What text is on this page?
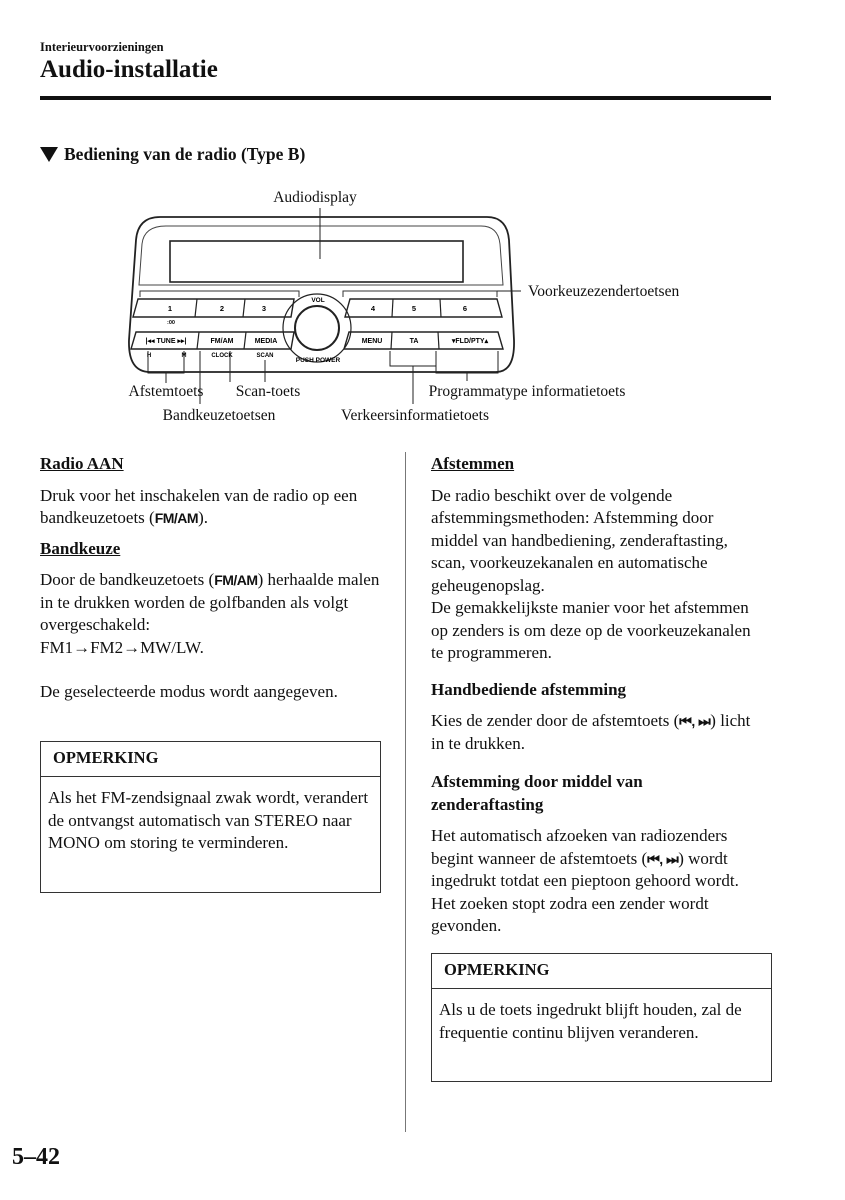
Interieurvoorzieningen
Audio-installatie
Bediening van de radio (Type B)
1	2	3
:00
4	5	6
VOL
PUSH POWER
|◂◂ TUNE ▸▸|	FM/AM	MEDIA
H	M	CLOCK	SCAN
MENU	TA	▾FLD/PTY▴
Audiodisplay
Voorkeuzezendertoetsen
Afstemtoets Scan-toets
Bandkeuzetoetsen	Verkeersinformatietoets
Programmatype informatietoets
Radio AAN

Druk voor het inschakelen van de radio op een bandkeuzetoets (FM/AM).

Bandkeuze

Door de bandkeuzetoets (FM/AM) herhaalde malen in te drukken worden de golfbanden als volgt overgeschakeld:

FM1→FM2→MW/LW.

De geselecteerde modus wordt aangegeven.

OPMERKING
Als het FM-zendsignaal zwak wordt, verandert de ontvangst automatisch van STEREO naar MONO om storing te verminderen.
Afstemmen

De radio beschikt over de volgende afstemmingsmethoden: Afstemming door middel van handbediening, zenderaftasting, scan, voorkeuzekanalen en automatische geheugenopslag.

De gemakkelijkste manier voor het afstemmen op zenders is om deze op de voorkeuzekanalen te programmeren.

Handbediende afstemming

Kies de zender door de afstemtoets (⏮, ⏭) licht in te drukken.

Afstemming door middel van zenderaftasting

Het automatisch afzoeken van radiozenders begint wanneer de afstemtoets (⏮, ⏭) wordt ingedrukt totdat een pieptoon gehoord wordt. Het zoeken stopt zodra een zender wordt gevonden.

OPMERKING
Als u de toets ingedrukt blijft houden, zal de frequentie continu blijven veranderen.
5–42
